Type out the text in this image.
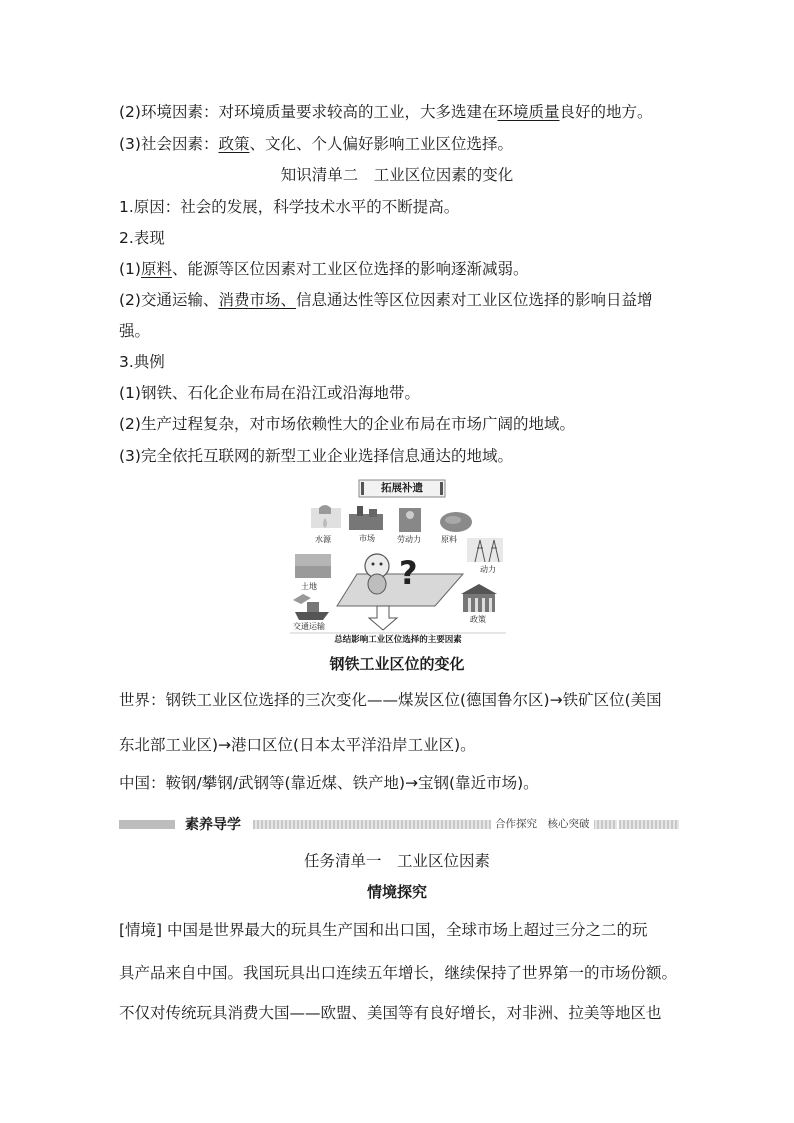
(2)环境因素：对环境质量要求较高的工业，大多选建在环境质量良好的地方。
(3)社会因素：政策、文化、个人偏好影响工业区位选择。
知识清单二　工业区位因素的变化
1.原因：社会的发展，科学技术水平的不断提高。
2.表现
(1)原料、能源等区位因素对工业区位选择的影响逐渐减弱。
(2)交通运输、消费市场、信息通达性等区位因素对工业区位选择的影响日益增
强。
3.典例
(1)钢铁、石化企业布局在沿江或沿海地带。
(2)生产过程复杂，对市场依赖性大的企业布局在市场广阔的地域。
(3)完全依托互联网的新型工业企业选择信息通达的地域。
拓展补遗
水源	市场	劳动力	原料
动力
土地
交通运输
政策
?
总结影响工业区位选择的主要因素
钢铁工业区位的变化
世界：钢铁工业区位选择的三次变化——煤炭区位(德国鲁尔区)→铁矿区位(美国
东北部工业区)→港口区位(日本太平洋沿岸工业区)。
中国：鞍钢/攀钢/武钢等(靠近煤、铁产地)→宝钢(靠近市场)。
素养导学	合作探究　核心突破
任务清单一　工业区位因素
情境探究
[情境] 中国是世界最大的玩具生产国和出口国，全球市场上超过三分之二的玩
具产品来自中国。我国玩具出口连续五年增长，继续保持了世界第一的市场份额。
不仅对传统玩具消费大国——欧盟、美国等有良好增长，对非洲、拉美等地区也
